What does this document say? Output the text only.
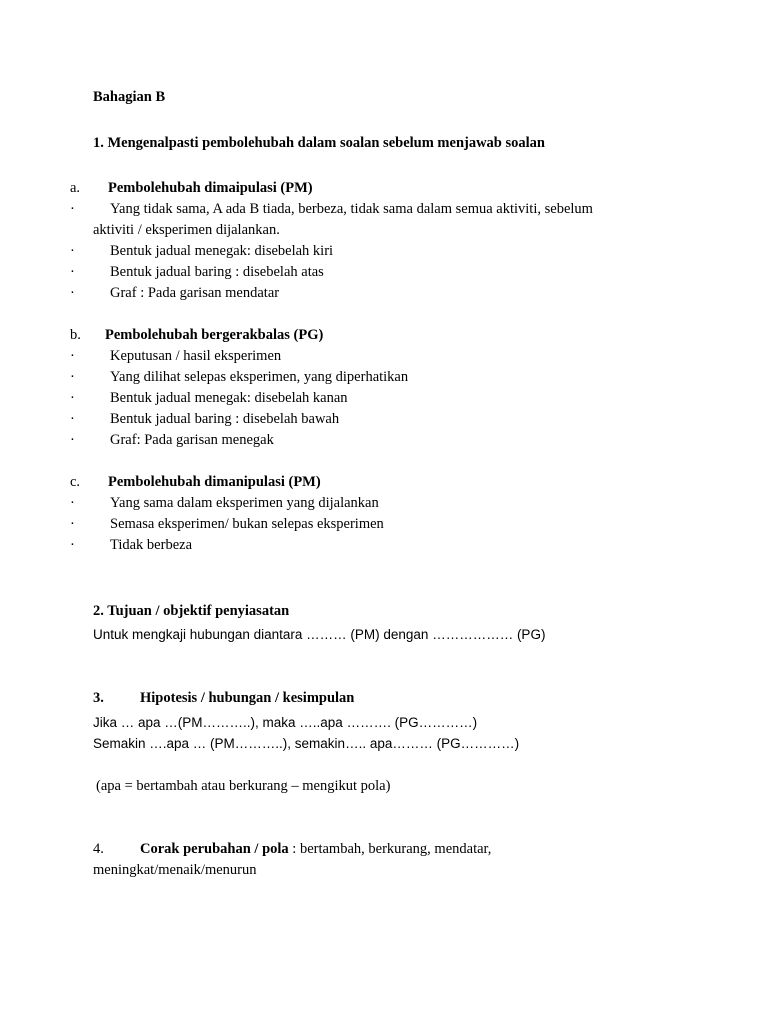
Bahagian B
1. Mengenalpasti pembolehubah dalam soalan sebelum menjawab soalan
a. Pembolehubah dimaipulasi (PM)
· Yang tidak sama, A ada B tiada, berbeza, tidak sama dalam semua aktiviti, sebelum
aktiviti / eksperimen dijalankan.
· Bentuk jadual menegak: disebelah kiri
· Bentuk jadual baring : disebelah atas
· Graf : Pada garisan mendatar
b. Pembolehubah bergerakbalas (PG)
· Keputusan / hasil eksperimen
· Yang dilihat selepas eksperimen, yang diperhatikan
· Bentuk jadual menegak: disebelah kanan
· Bentuk jadual baring : disebelah bawah
· Graf: Pada garisan menegak
c. Pembolehubah dimanipulasi (PM)
· Yang sama dalam eksperimen yang dijalankan
· Semasa eksperimen/ bukan selepas eksperimen
· Tidak berbeza
2. Tujuan / objektif penyiasatan
Untuk mengkaji hubungan diantara ……… (PM) dengan ……………… (PG)
3. Hipotesis / hubungan / kesimpulan
Jika … apa …(PM………..), maka …..apa ………. (PG…………)
Semakin ….apa … (PM………..), semakin….. apa……… (PG…………)
(apa = bertambah atau berkurang – mengikut pola)
4. Corak perubahan / pola : bertambah, berkurang, mendatar,
meningkat/menaik/menurun
